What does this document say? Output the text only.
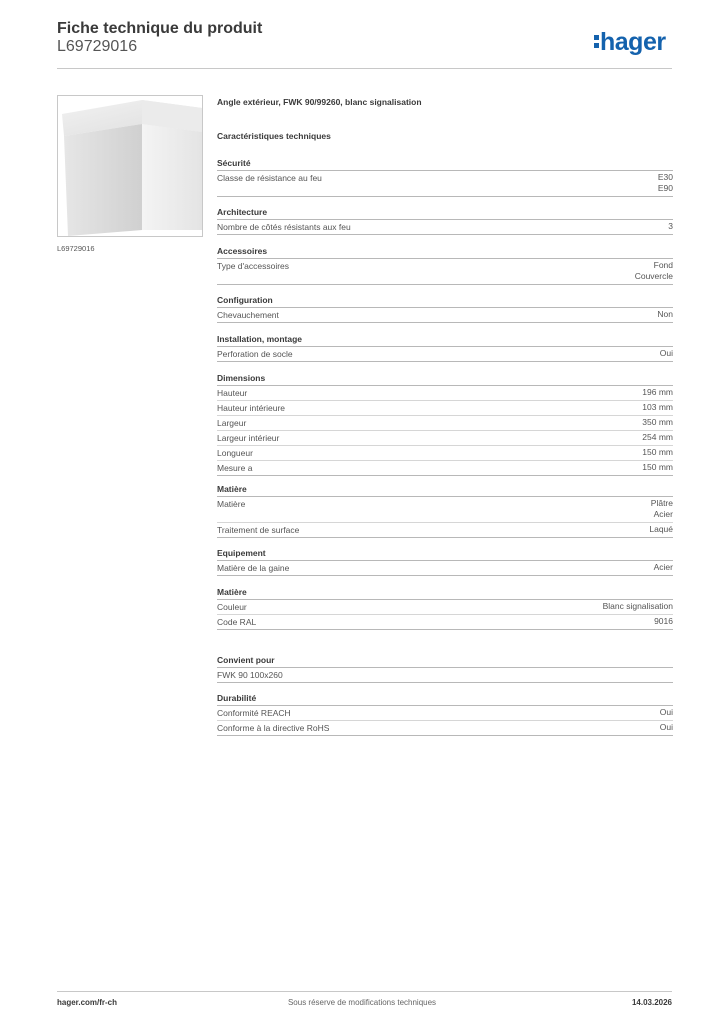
Fiche technique du produit
L69729016	hager
L69729016
Angle extérieur, FWK 90/99260, blanc signalisation
Caractéristiques techniques
Sécurité
Classe de résistance au feu	E30
E90
Architecture
Nombre de côtés résistants aux feu	3
Accessoires
Type d'accessoires	Fond
Couvercle
Configuration
Chevauchement	Non
Installation, montage
Perforation de socle	Oui
Dimensions
Hauteur	196 mm
Hauteur intérieure	103 mm
Largeur	350 mm
Largeur intérieur	254 mm
Longueur	150 mm
Mesure a	150 mm
Matière
Matière	Plâtre
Acier
Traitement de surface	Laqué
Equipement
Matière de la gaine	Acier
Matière
Couleur	Blanc signalisation
Code RAL	9016
Convient pour
FWK 90 100x260

Durabilité
Conformité REACH	Oui
Conforme à la directive RoHS	Oui
hager.com/fr-ch	Sous réserve de modifications techniques	14.03.2026
